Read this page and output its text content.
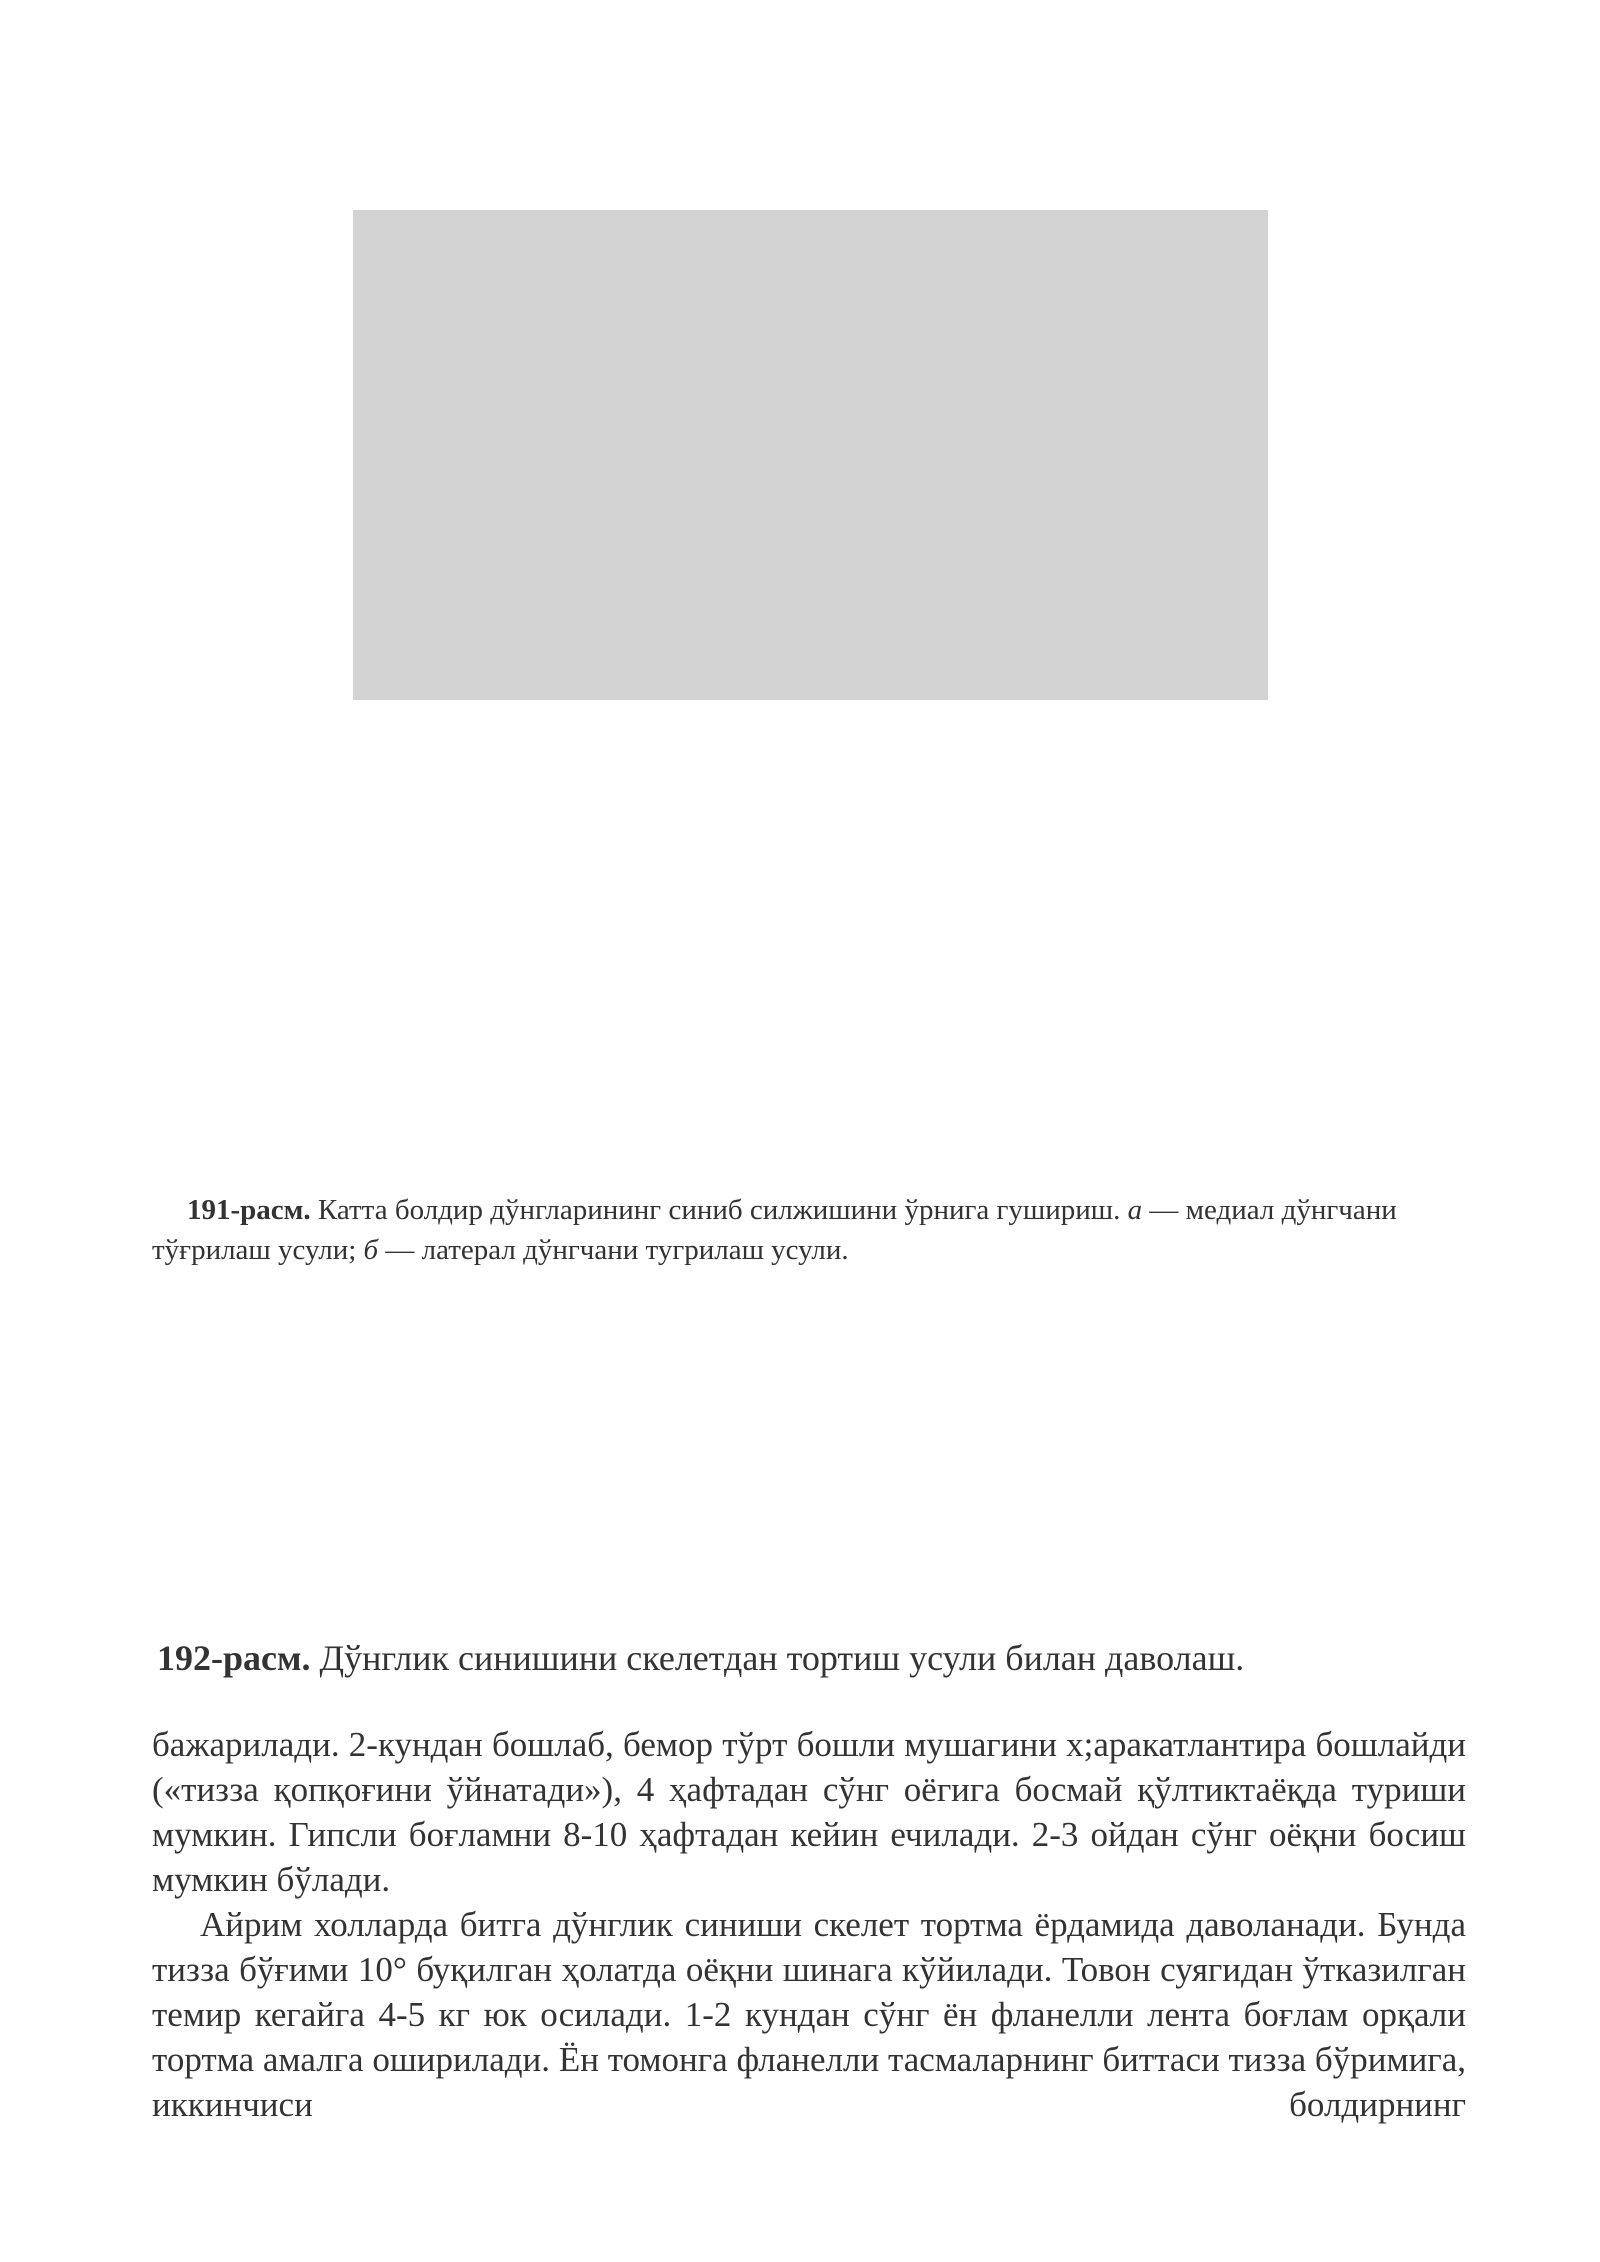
191-расм. Катта болдир дўнгларининг синиб силжишини ўрнига гушириш. а — медиал дўнгчани тўғрилаш усули; б — латерал дўнгчани тугрилаш усули.

192-расм. Дўнглик синишини скелетдан тортиш усули билан даволаш.

бажарилади. 2-кундан бошлаб, бемор тўрт бошли мушагини х;аракатлантира бошлайди («тизза қопқоғини ўйнатади»), 4 ҳафтадан сўнг оёгига босмай қўлтиктаёқда туриши мумкин. Гипсли боғламни 8-10 ҳафтадан кейин ечилади. 2-3 ойдан сўнг оёқни босиш мумкин бўлади.

Айрим холларда битга дўнглик синиши скелет тортма ёрдамида даволанади. Бунда тизза бўғими 10° буқилган ҳолатда оёқни шинага кўйилади. Товон суягидан ўтказилган темир кегайга 4-5 кг юк осилади. 1-2 кундан сўнг ён фланелли лента боғлам орқали тортма амалга оширилади. Ён томонга фланелли тасмаларнинг биттаси тизза бўримига, иккинчиси болдирнинг
